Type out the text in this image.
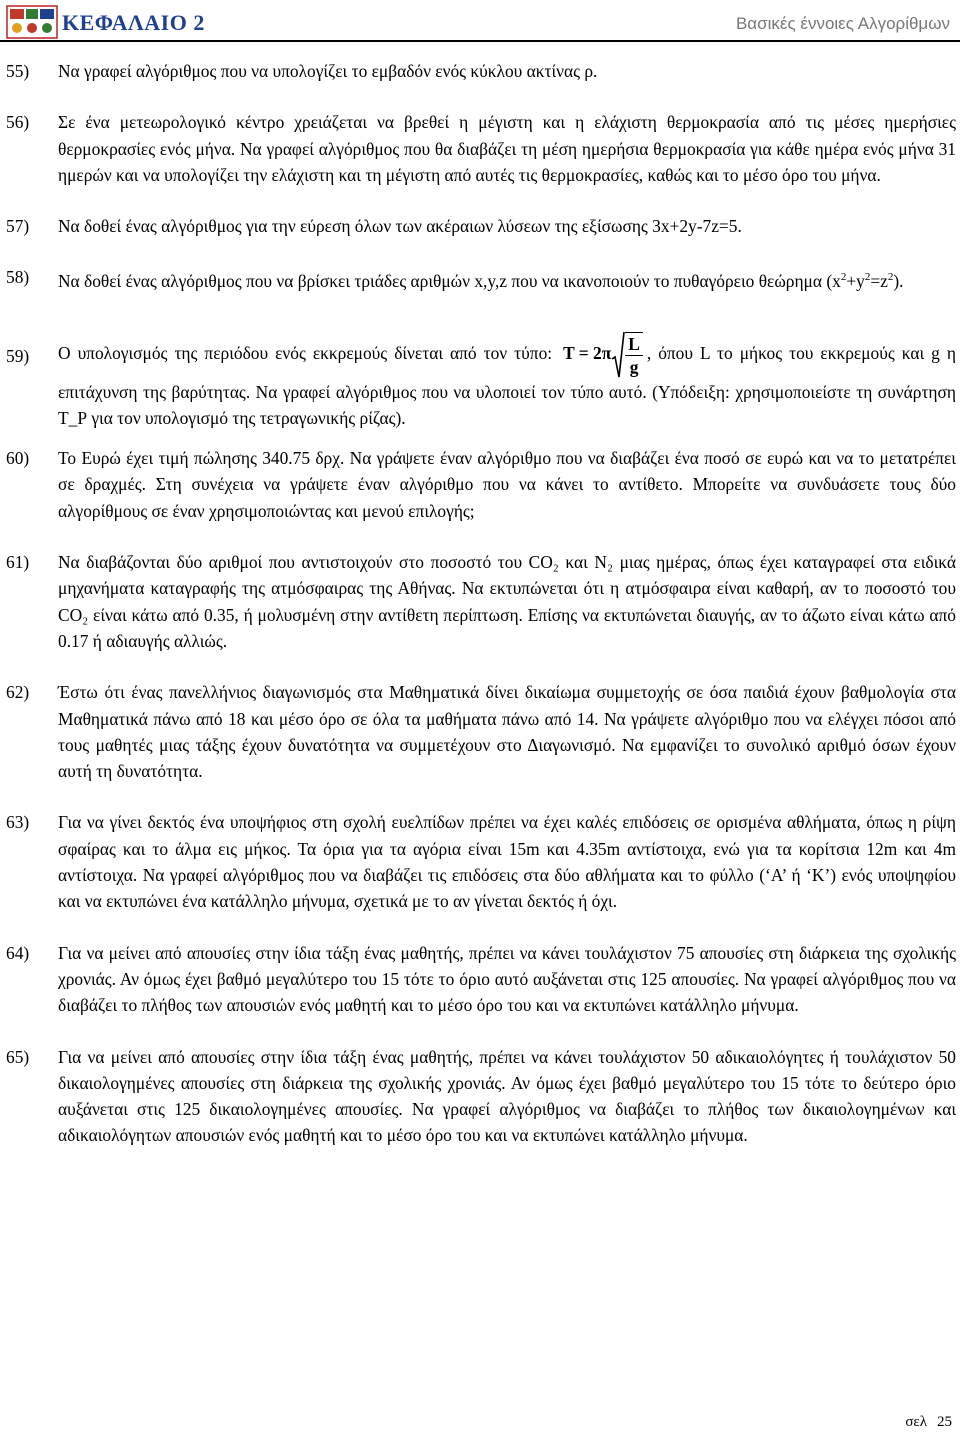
ΚΕΦΑΛΑΙΟ 2	Βασικές έννοιες Αλγορίθμων
55) Να γραφεί αλγόριθμος που να υπολογίζει το εμβαδόν ενός κύκλου ακτίνας ρ.
56) Σε ένα μετεωρολογικό κέντρο χρειάζεται να βρεθεί η μέγιστη και η ελάχιστη θερμοκρασία από τις μέσες ημερήσιες θερμοκρασίες ενός μήνα. Να γραφεί αλγόριθμος που θα διαβάζει τη μέση ημερήσια θερμοκρασία για κάθε ημέρα ενός μήνα 31 ημερών και να υπολογίζει την ελάχιστη και τη μέγιστη από αυτές τις θερμοκρασίες, καθώς και το μέσο όρο του μήνα.
57) Να δοθεί ένας αλγόριθμος για την εύρεση όλων των ακέραιων λύσεων της εξίσωσης 3x+2y-7z=5.
58) Να δοθεί ένας αλγόριθμος που να βρίσκει τριάδες αριθμών x,y,z που να ικανοποιούν το πυθαγόρειο θεώρημα $(x^2+y^2=z^2)$.
59) Ο υπολογισμός της περιόδου ενός εκκρεμούς δίνεται από τον τύπο: $T = 2\pi \frac{L}{g}$ , όπου L το μήκος του εκκρεμούς και g η επιτάχυνση της βαρύτητας. Να γραφεί αλγόριθμος που να υλοποιεί τον τύπο αυτό. (Υπόδειξη: χρησιμοποιείστε τη συνάρτηση Τ_Ρ για τον υπολογισμό της τετραγωνικής ρίζας).
60) Το Ευρώ έχει τιμή πώλησης 340.75 δρχ. Να γράψετε έναν αλγόριθμο που να διαβάζει ένα ποσό σε ευρώ και να το μετατρέπει σε δραχμές. Στη συνέχεια να γράψετε έναν αλγόριθμο που να κάνει το αντίθετο. Μπορείτε να συνδυάσετε τους δύο αλγορίθμους σε έναν χρησιμοποιώντας και μενού επιλογής;
61) Να διαβάζονται δύο αριθμοί που αντιστοιχούν στο ποσοστό του CO₂ και N₂ μιας ημέρας, όπως έχει καταγραφεί στα ειδικά μηχανήματα καταγραφής της ατμόσφαιρας της Αθήνας. Να εκτυπώνεται ότι η ατμόσφαιρα είναι καθαρή, αν το ποσοστό του CO₂ είναι κάτω από 0.35, ή μολυσμένη στην αντίθετη περίπτωση. Επίσης να εκτυπώνεται διαυγής, αν το άζωτο είναι κάτω από 0.17 ή αδιαυγής αλλιώς.
62) Έστω ότι ένας πανελλήνιος διαγωνισμός στα Μαθηματικά δίνει δικαίωμα συμμετοχής σε όσα παιδιά έχουν βαθμολογία στα Μαθηματικά πάνω από 18 και μέσο όρο σε όλα τα μαθήματα πάνω από 14. Να γράψετε αλγόριθμο που να ελέγχει πόσοι από τους μαθητές μιας τάξης έχουν δυνατότητα να συμμετέχουν στο Διαγωνισμό. Να εμφανίζει το συνολικό αριθμό όσων έχουν αυτή τη δυνατότητα.
63) Για να γίνει δεκτός ένα υποψήφιος στη σχολή ευελπίδων πρέπει να έχει καλές επιδόσεις σε ορισμένα αθλήματα, όπως η ρίψη σφαίρας και το άλμα εις μήκος. Τα όρια για τα αγόρια είναι 15m και 4.35m αντίστοιχα, ενώ για τα κορίτσια 12m και 4m αντίστοιχα. Να γραφεί αλγόριθμος που να διαβάζει τις επιδόσεις στα δύο αθλήματα και το φύλλο (‘Α’ ή ‘Κ’) ενός υποψηφίου και να εκτυπώνει ένα κατάλληλο μήνυμα, σχετικά με το αν γίνεται δεκτός ή όχι.
64) Για να μείνει από απουσίες στην ίδια τάξη ένας μαθητής, πρέπει να κάνει τουλάχιστον 75 απουσίες στη διάρκεια της σχολικής χρονιάς. Αν όμως έχει βαθμό μεγαλύτερο του 15 τότε το όριο αυτό αυξάνεται στις 125 απουσίες. Να γραφεί αλγόριθμος που να διαβάζει το πλήθος των απουσιών ενός μαθητή και το μέσο όρο του και να εκτυπώνει κατάλληλο μήνυμα.
65) Για να μείνει από απουσίες στην ίδια τάξη ένας μαθητής, πρέπει να κάνει τουλάχιστον 50 αδικαιολόγητες ή τουλάχιστον 50 δικαιολογημένες απουσίες στη διάρκεια της σχολικής χρονιάς. Αν όμως έχει βαθμό μεγαλύτερο του 15 τότε το δεύτερο όριο αυξάνεται στις 125 δικαιολογημένες απουσίες. Να γραφεί αλγόριθμος να διαβάζει το πλήθος των δικαιολογημένων και αδικαιολόγητων απουσιών ενός μαθητή και το μέσο όρο του και να εκτυπώνει κατάλληλο μήνυμα.
σελ 25
